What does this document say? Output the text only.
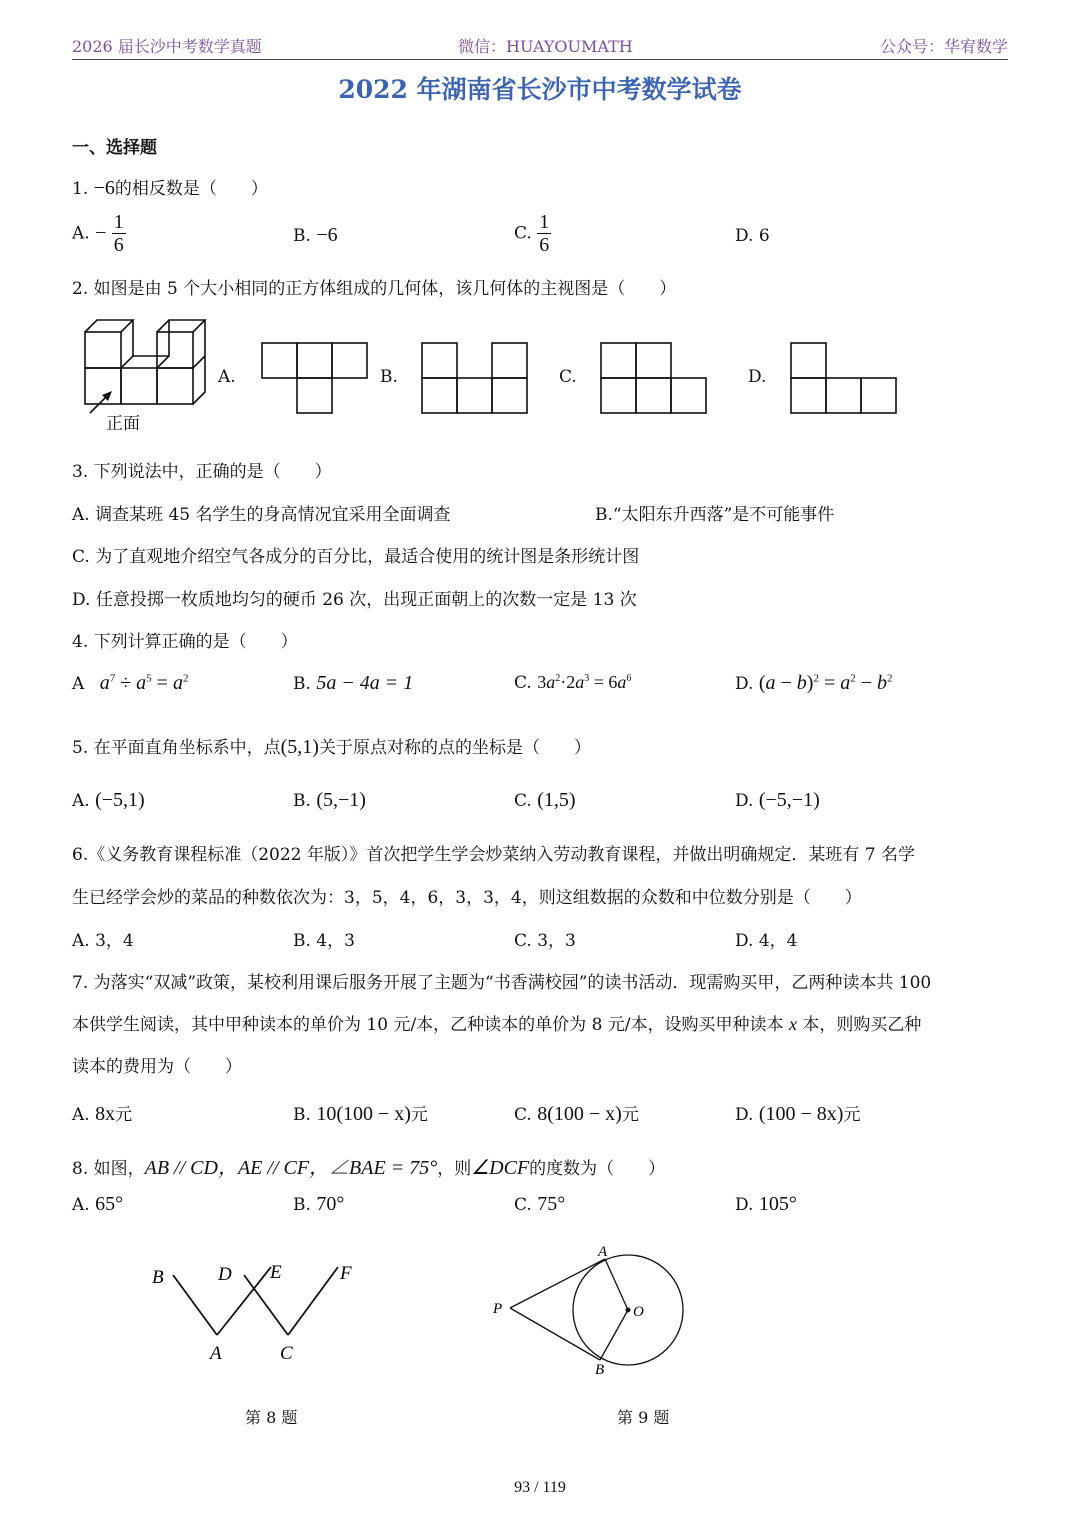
2026 届长沙中考数学真题	微信：HUAYOUMATH	公众号：华宥数学
2022 年湖南省长沙市中考数学试卷
一、选择题
1. −6的相反数是（　　）
A. − $\frac{1}{6}$	B. −6	C. $\frac{1}{6}$	D. 6
2. 如图是由 5 个大小相同的正方体组成的几何体，该几何体的主视图是（　　）
正面
A.	B.	C.	D.
3. 下列说法中，正确的是（　　）
A. 调查某班 45 名学生的身高情况宜采用全面调查	B.“太阳东升西落”是不可能事件
C. 为了直观地介绍空气各成分的百分比，最适合使用的统计图是条形统计图
D. 任意投掷一枚质地均匀的硬币 26 次，出现正面朝上的次数一定是 13 次
4. 下列计算正确的是（　　）
A $a^7 \div a^5 = a^2$	B. 5a − 4a = 1	C. $3a^2\cdot 2a^3 = 6a^6$	D. $(a - b)^2 = a^2 - b^2$
5. 在平面直角坐标系中，点(5,1)关于原点对称的点的坐标是（　　）
A. (−5,1)	B. (5,−1)	C. (1,5)	D. (−5,−1)
6.《义务教育课程标准（2022 年版）》首次把学生学会炒菜纳入劳动教育课程，并做出明确规定．某班有 7 名学
生已经学会炒的菜品的种数依次为：3，5，4，6，3，3，4，则这组数据的众数和中位数分别是（　　）
A. 3，4	B. 4，3	C. 3，3	D. 4，4
7. 为落实“双减”政策，某校利用课后服务开展了主题为“书香满校园”的读书活动．现需购买甲，乙两种读本共 100
本供学生阅读，其中甲种读本的单价为 10 元/本，乙种读本的单价为 8 元/本，设购买甲种读本 x 本，则购买乙种
读本的费用为（　　）
A. 8x元	B. 10(100 − x)元	C. 8(100 − x)元	D. (100 − 8x)元
8. 如图，AB // CD，AE // CF，∠BAE = 75°，则∠DCF的度数为（　　）
A. 65°	B. 70°	C. 75°	D. 105°
B	D E	F
A	C
第 8 题
A
P	O
B
第 9 题
93 / 119
